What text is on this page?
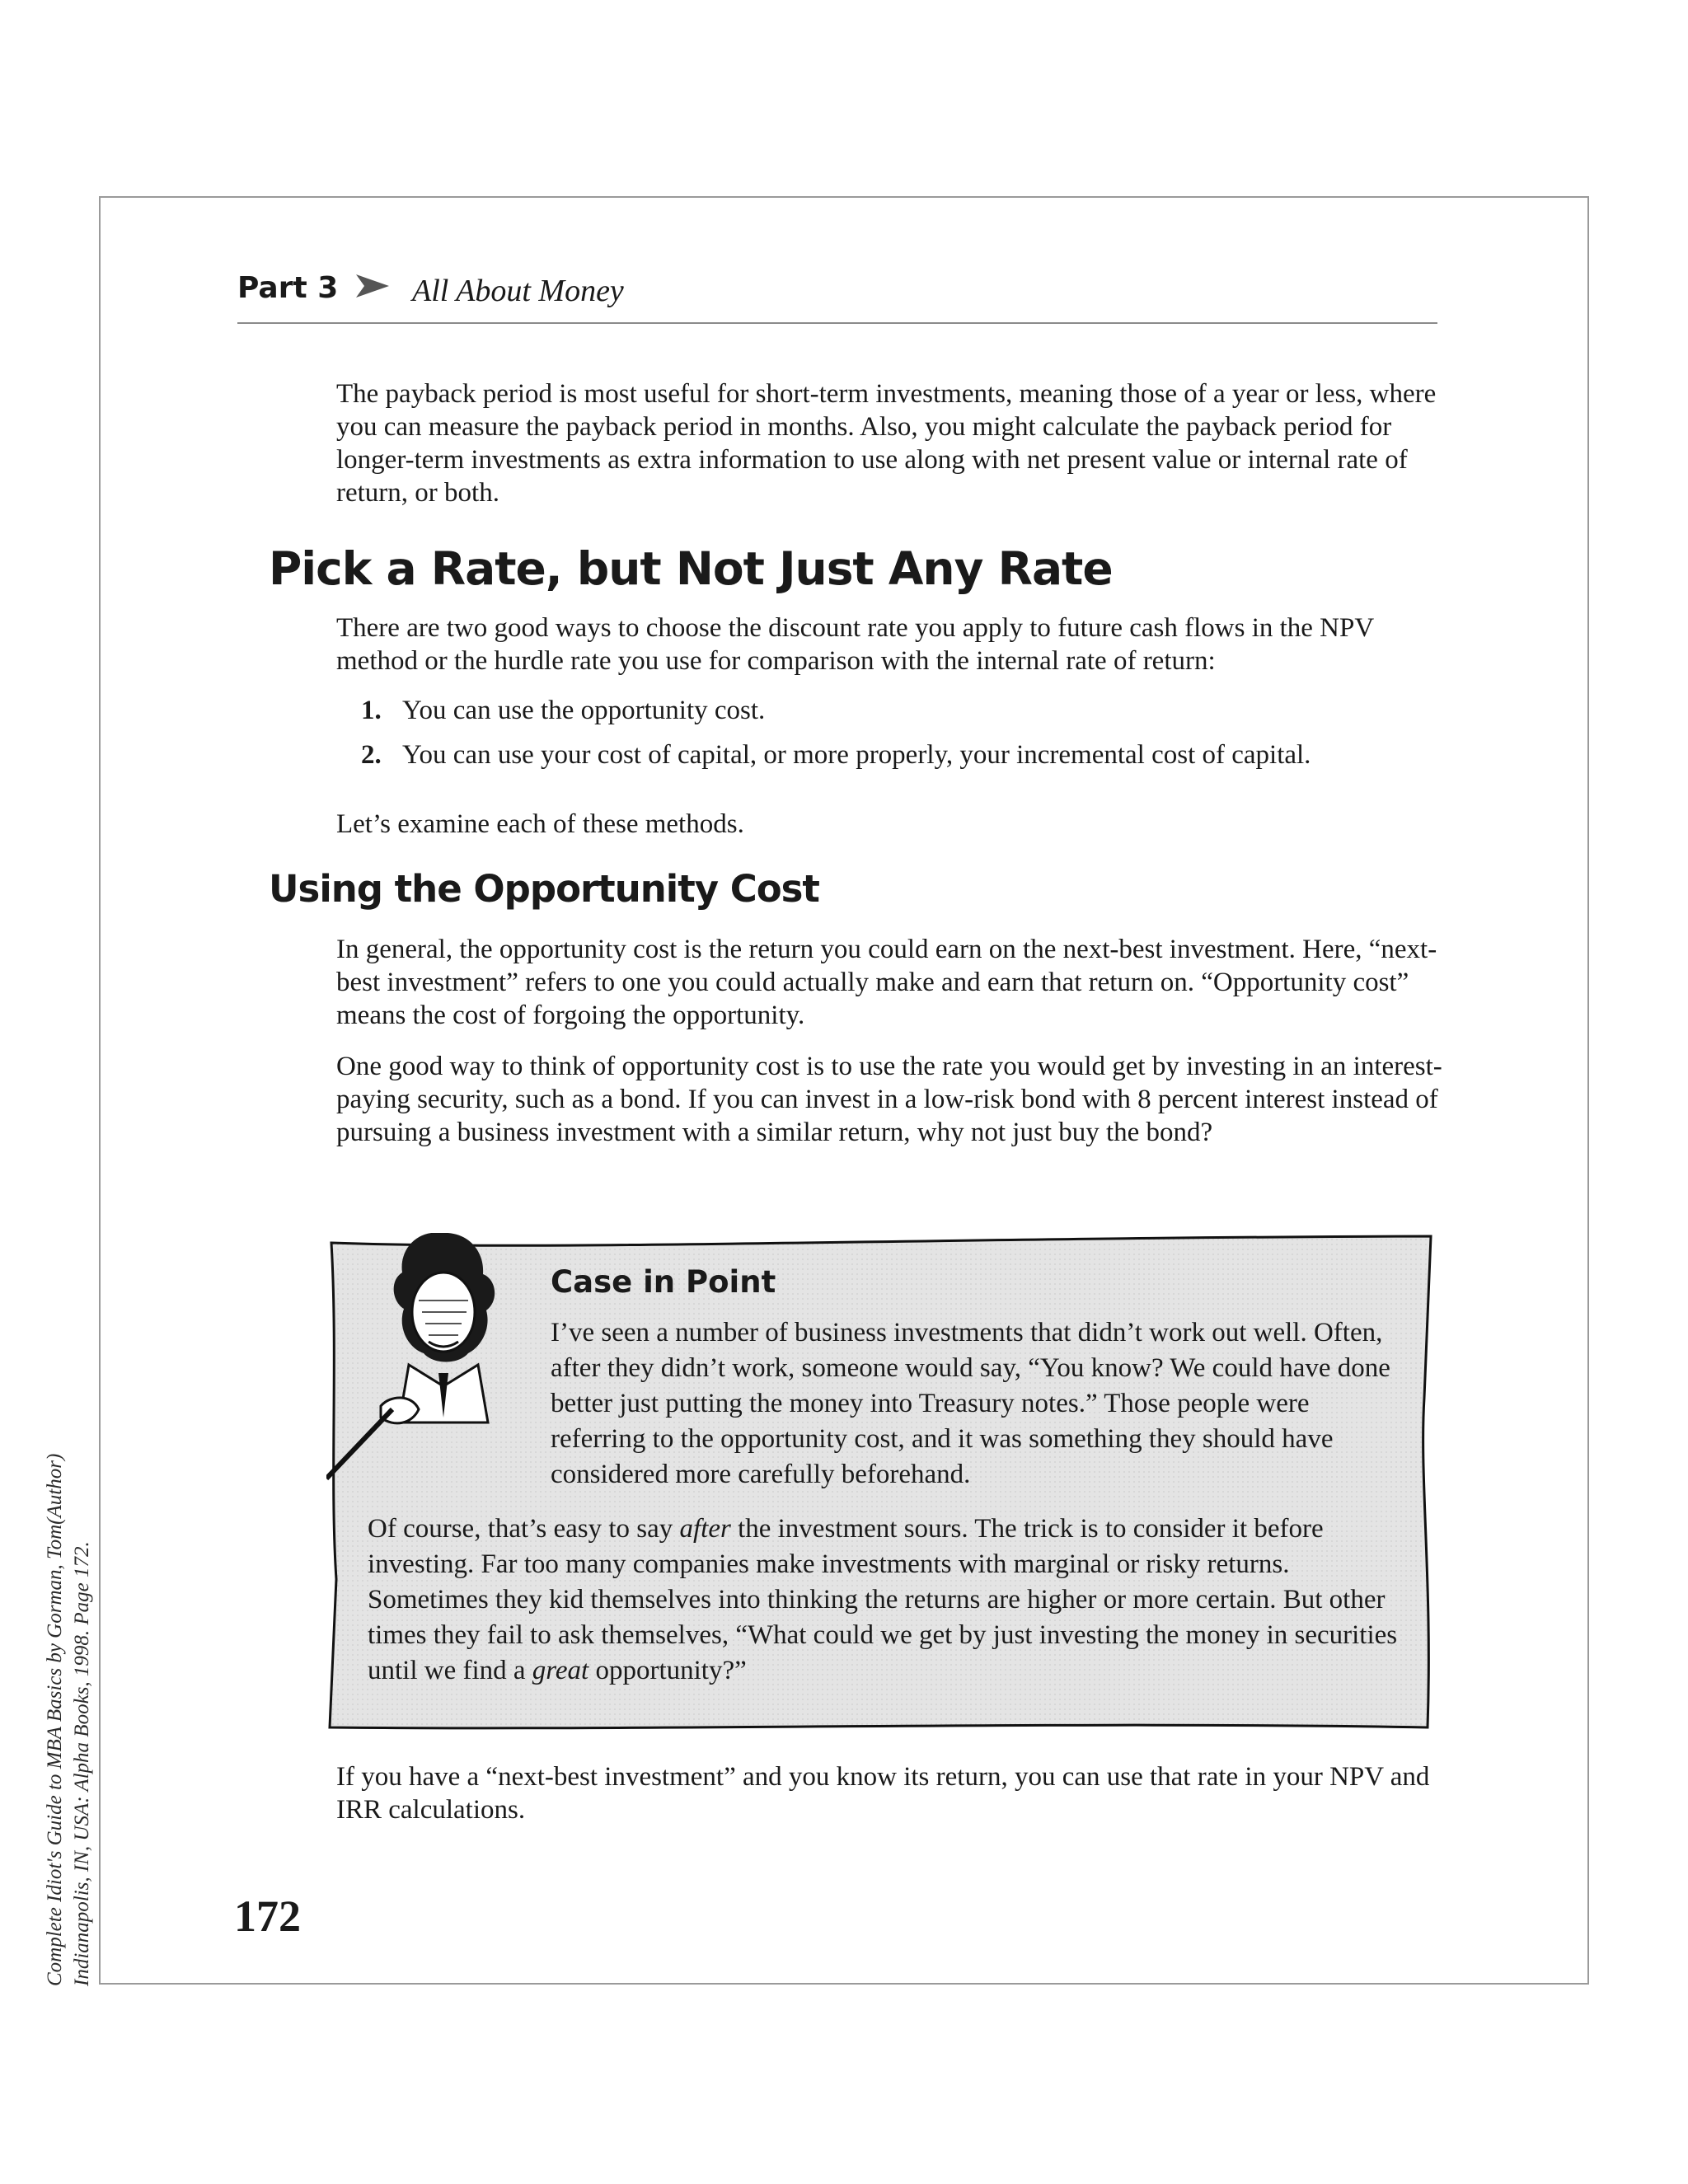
Complete Idiot's Guide to MBA Basics by Gorman, Tom(Author) Indianapolis, IN, USA: Alpha Books, 1998. Page 172.
Part 3 All About Money

The payback period is most useful for short-term investments, meaning those of a year or less, where you can measure the payback period in months. Also, you might calculate the payback period for longer-term investments as extra information to use along with net present value or internal rate of return, or both.

Pick a Rate, but Not Just Any Rate

There are two good ways to choose the discount rate you apply to future cash flows in the NPV method or the hurdle rate you use for comparison with the internal rate of return:

1. You can use the opportunity cost.
2. You can use your cost of capital, or more properly, your incremental cost of capital.

Let’s examine each of these methods.

Using the Opportunity Cost

In general, the opportunity cost is the return you could earn on the next-best investment. Here, “next-best investment” refers to one you could actually make and earn that return on. “Opportunity cost” means the cost of forgoing the opportunity.

One good way to think of opportunity cost is to use the rate you would get by investing in an interest-paying security, such as a bond. If you can invest in a low-risk bond with 8 percent interest instead of pursuing a business investment with a similar return, why not just buy the bond?

Case in Point

I’ve seen a number of business investments that didn’t work out well. Often, after they didn’t work, someone would say, “You know? We could have done better just putting the money into Treasury notes.” Those people were referring to the opportunity cost, and it was something they should have considered more carefully beforehand.

Of course, that’s easy to say after the investment sours. The trick is to consider it before investing. Far too many companies make investments with marginal or risky returns. Sometimes they kid themselves into thinking the returns are higher or more certain. But other times they fail to ask themselves, “What could we get by just investing the money in securities until we find a great opportunity?”

If you have a “next-best investment” and you know its return, you can use that rate in your NPV and IRR calculations.

172
